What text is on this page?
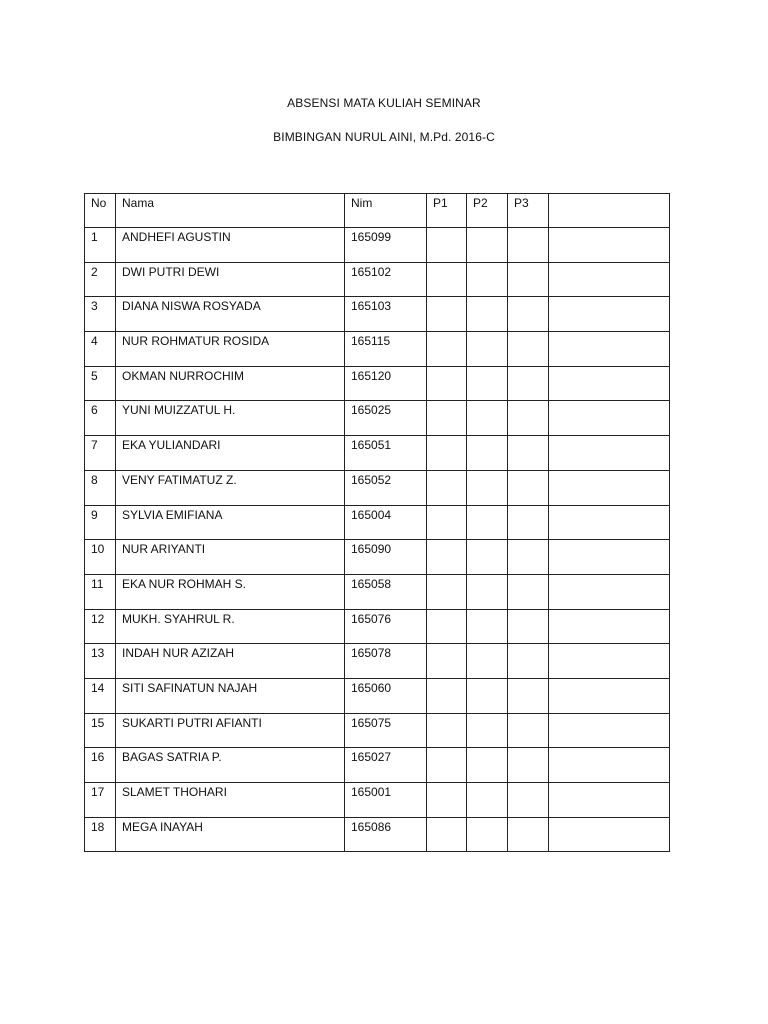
ABSENSI MATA KULIAH SEMINAR
BIMBINGAN NURUL AINI, M.Pd. 2016-C
No	Nama	Nim	P1	P2	P3	
1	ANDHEFI AGUSTIN	165099				
2	DWI PUTRI DEWI	165102				
3	DIANA NISWA ROSYADA	165103				
4	NUR ROHMATUR ROSIDA	165115				
5	OKMAN NURROCHIM	165120				
6	YUNI MUIZZATUL H.	165025				
7	EKA YULIANDARI	165051				
8	VENY FATIMATUZ Z.	165052				
9	SYLVIA EMIFIANA	165004				
10	NUR ARIYANTI	165090				
11	EKA NUR ROHMAH S.	165058				
12	MUKH. SYAHRUL R.	165076				
13	INDAH NUR AZIZAH	165078				
14	SITI SAFINATUN NAJAH	165060				
15	SUKARTI PUTRI AFIANTI	165075				
16	BAGAS SATRIA P.	165027				
17	SLAMET THOHARI	165001				
18	MEGA INAYAH	165086				
